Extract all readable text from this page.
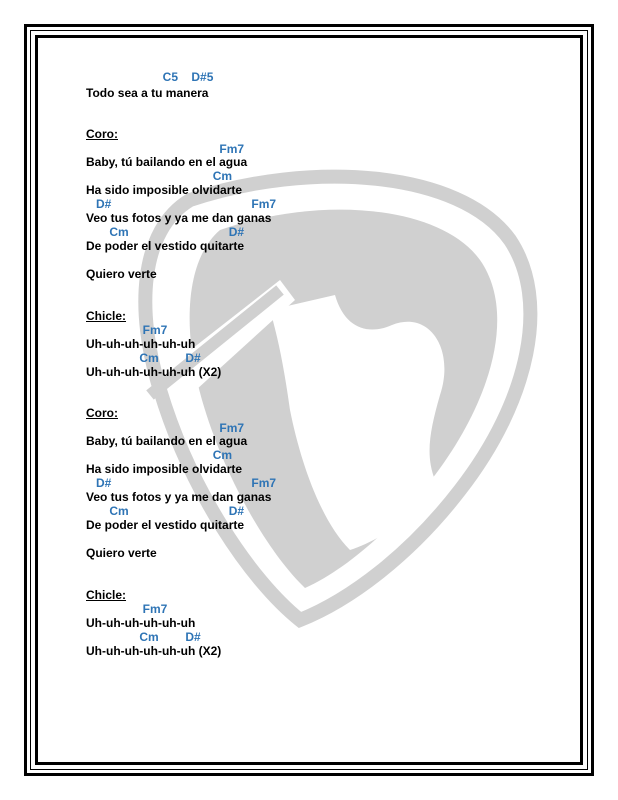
C5    D#5
Todo sea a tu manera
Coro:
Fm7
Baby, tú bailando en el agua
Cm
Ha sido imposible olvidarte
D#                                          Fm7
Veo tus fotos y ya me dan ganas
Cm                              D#
De poder el vestido quitarte
Quiero verte
Chicle:
Fm7
Uh-uh-uh-uh-uh-uh
Cm        D#
Uh-uh-uh-uh-uh-uh (X2)
Coro:
Fm7
Baby, tú bailando en el agua
Cm
Ha sido imposible olvidarte
D#                                          Fm7
Veo tus fotos y ya me dan ganas
Cm                              D#
De poder el vestido quitarte
Quiero verte
Chicle:
Fm7
Uh-uh-uh-uh-uh-uh
Cm        D#
Uh-uh-uh-uh-uh-uh (X2)
